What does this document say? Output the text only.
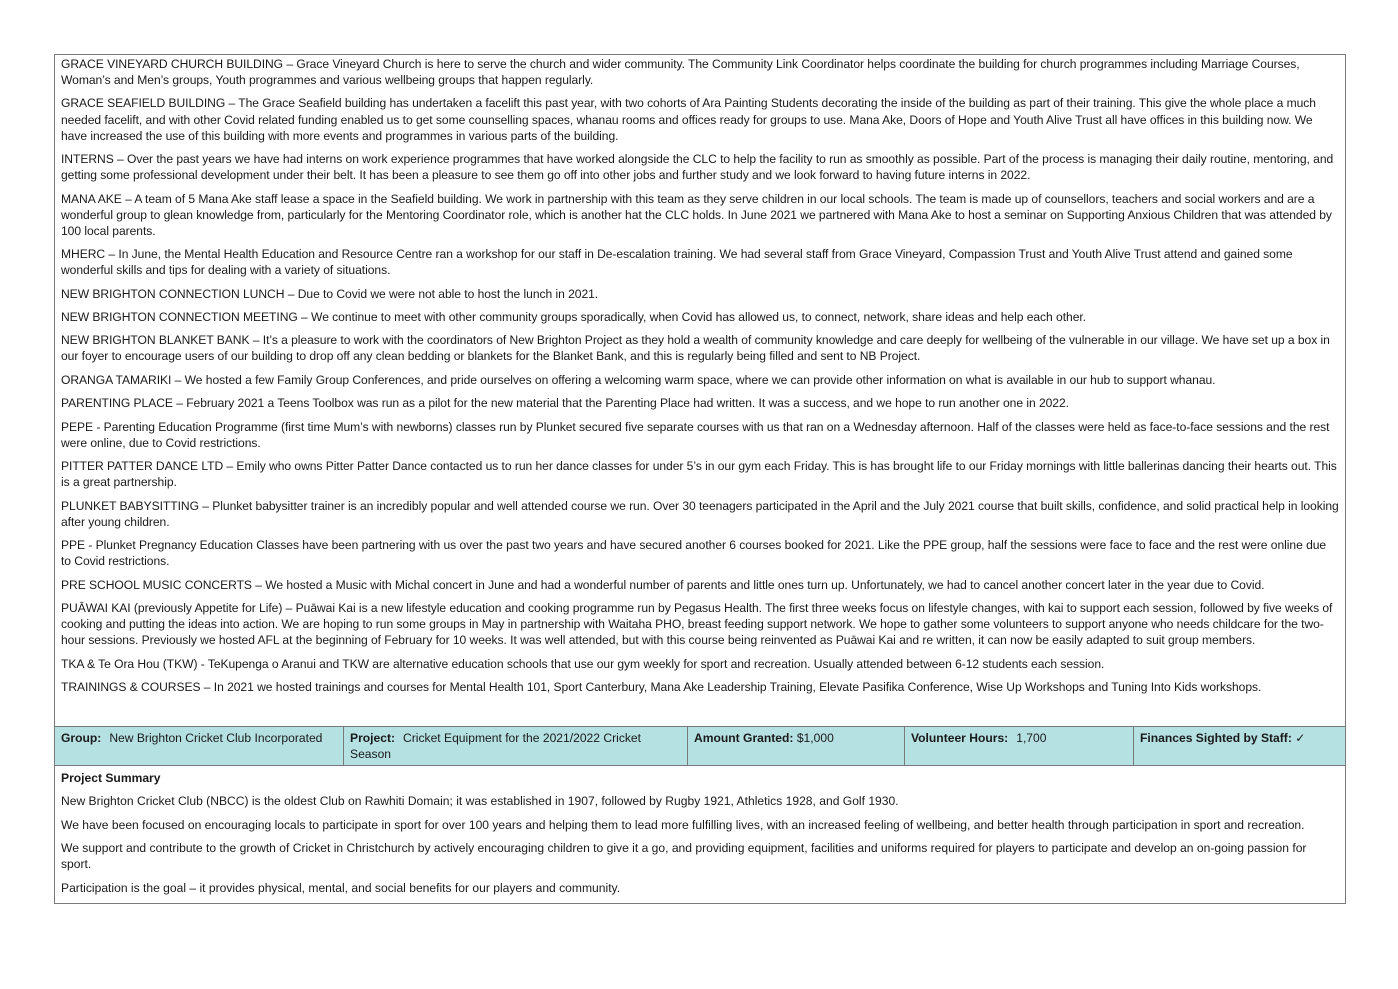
GRACE VINEYARD CHURCH BUILDING – Grace Vineyard Church is here to serve the church and wider community. The Community Link Coordinator helps coordinate the building for church programmes including Marriage Courses, Woman’s and Men’s groups, Youth programmes and various wellbeing groups that happen regularly.

GRACE SEAFIELD BUILDING – The Grace Seafield building has undertaken a facelift this past year, with two cohorts of Ara Painting Students decorating the inside of the building as part of their training. This give the whole place a much needed facelift, and with other Covid related funding enabled us to get some counselling spaces, whanau rooms and offices ready for groups to use. Mana Ake, Doors of Hope and Youth Alive Trust all have offices in this building now. We have increased the use of this building with more events and programmes in various parts of the building.

INTERNS – Over the past years we have had interns on work experience programmes that have worked alongside the CLC to help the facility to run as smoothly as possible. Part of the process is managing their daily routine, mentoring, and getting some professional development under their belt. It has been a pleasure to see them go off into other jobs and further study and we look forward to having future interns in 2022.

MANA AKE – A team of 5 Mana Ake staff lease a space in the Seafield building. We work in partnership with this team as they serve children in our local schools. The team is made up of counsellors, teachers and social workers and are a wonderful group to glean knowledge from, particularly for the Mentoring Coordinator role, which is another hat the CLC holds. In June 2021 we partnered with Mana Ake to host a seminar on Supporting Anxious Children that was attended by 100 local parents.

MHERC – In June, the Mental Health Education and Resource Centre ran a workshop for our staff in De-escalation training. We had several staff from Grace Vineyard, Compassion Trust and Youth Alive Trust attend and gained some wonderful skills and tips for dealing with a variety of situations.

NEW BRIGHTON CONNECTION LUNCH – Due to Covid we were not able to host the lunch in 2021.

NEW BRIGHTON CONNECTION MEETING – We continue to meet with other community groups sporadically, when Covid has allowed us, to connect, network, share ideas and help each other.

NEW BRIGHTON BLANKET BANK – It’s a pleasure to work with the coordinators of New Brighton Project as they hold a wealth of community knowledge and care deeply for wellbeing of the vulnerable in our village. We have set up a box in our foyer to encourage users of our building to drop off any clean bedding or blankets for the Blanket Bank, and this is regularly being filled and sent to NB Project.

ORANGA TAMARIKI – We hosted a few Family Group Conferences, and pride ourselves on offering a welcoming warm space, where we can provide other information on what is available in our hub to support whanau.

PARENTING PLACE – February 2021 a Teens Toolbox was run as a pilot for the new material that the Parenting Place had written. It was a success, and we hope to run another one in 2022.

PEPE - Parenting Education Programme (first time Mum’s with newborns) classes run by Plunket secured five separate courses with us that ran on a Wednesday afternoon. Half of the classes were held as face-to-face sessions and the rest were online, due to Covid restrictions.

PITTER PATTER DANCE LTD – Emily who owns Pitter Patter Dance contacted us to run her dance classes for under 5’s in our gym each Friday. This is has brought life to our Friday mornings with little ballerinas dancing their hearts out. This is a great partnership.

PLUNKET BABYSITTING – Plunket babysitter trainer is an incredibly popular and well attended course we run. Over 30 teenagers participated in the April and the July 2021 course that built skills, confidence, and solid practical help in looking after young children.

PPE - Plunket Pregnancy Education Classes have been partnering with us over the past two years and have secured another 6 courses booked for 2021. Like the PPE group, half the sessions were face to face and the rest were online due to Covid restrictions.

PRE SCHOOL MUSIC CONCERTS – We hosted a Music with Michal concert in June and had a wonderful number of parents and little ones turn up. Unfortunately, we had to cancel another concert later in the year due to Covid.

PUĀWAI KAI (previously Appetite for Life) – Puāwai Kai is a new lifestyle education and cooking programme run by Pegasus Health. The first three weeks focus on lifestyle changes, with kai to support each session, followed by five weeks of cooking and putting the ideas into action. We are hoping to run some groups in May in partnership with Waitaha PHO, breast feeding support network. We hope to gather some volunteers to support anyone who needs childcare for the two-hour sessions. Previously we hosted AFL at the beginning of February for 10 weeks. It was well attended, but with this course being reinvented as Puāwai Kai and re written, it can now be easily adapted to suit group members.

TKA & Te Ora Hou (TKW) - TeKupenga o Aranui and TKW are alternative education schools that use our gym weekly for sport and recreation. Usually attended between 6-12 students each session.

TRAININGS & COURSES – In 2021 we hosted trainings and courses for Mental Health 101, Sport Canterbury, Mana Ake Leadership Training, Elevate Pasifika Conference, Wise Up Workshops and Tuning Into Kids workshops.

Group: New Brighton Cricket Club Incorporated	Project: Cricket Equipment for the 2021/2022 Cricket Season
Amount Granted: $1,000	Volunteer Hours: 1,700	Finances Sighted by Staff: ✓
Project Summary

New Brighton Cricket Club (NBCC) is the oldest Club on Rawhiti Domain; it was established in 1907, followed by Rugby 1921, Athletics 1928, and Golf 1930.

We have been focused on encouraging locals to participate in sport for over 100 years and helping them to lead more fulfilling lives, with an increased feeling of wellbeing, and better health through participation in sport and recreation.

We support and contribute to the growth of Cricket in Christchurch by actively encouraging children to give it a go, and providing equipment, facilities and uniforms required for players to participate and develop an on-going passion for sport.

Participation is the goal – it provides physical, mental, and social benefits for our players and community.
